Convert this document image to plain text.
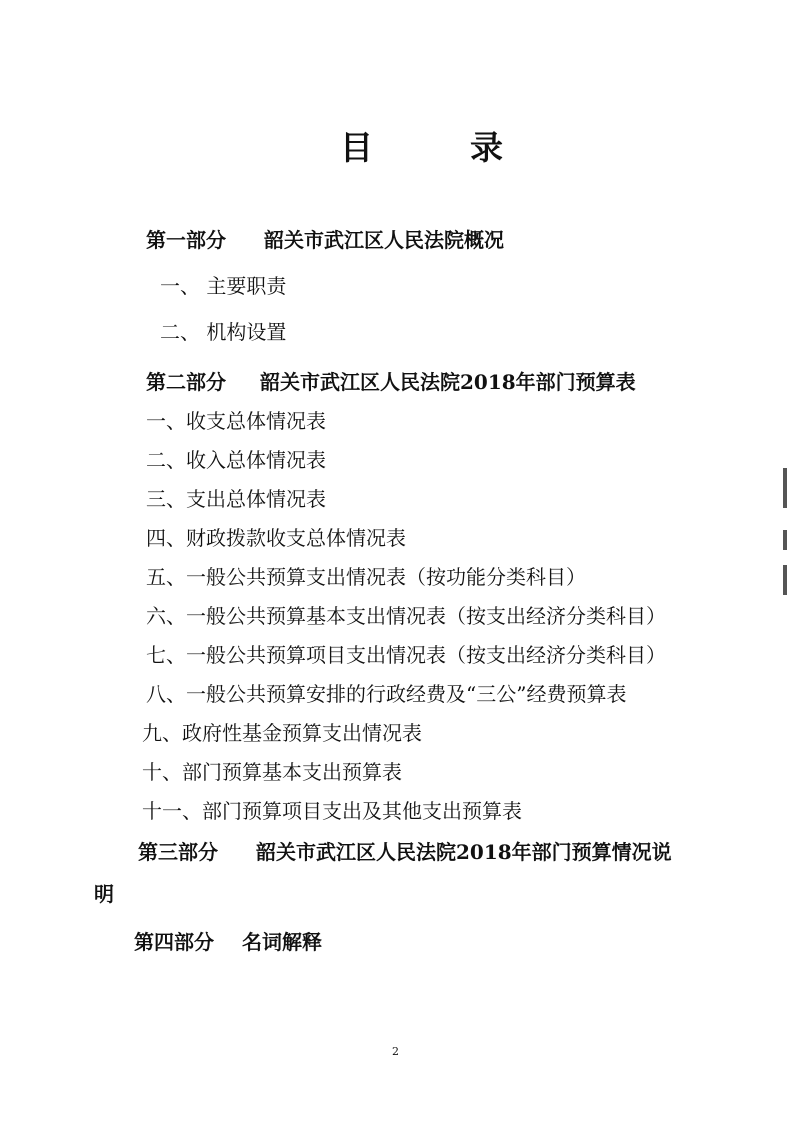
目	录
第一部分 韶关市武江区人民法院概况
一、 主要职责
二、 机构设置
第二部分 韶关市武江区人民法院2018年部门预算表
一、收支总体情况表
二、收入总体情况表
三、支出总体情况表
四、财政拨款收支总体情况表
五、一般公共预算支出情况表（按功能分类科目）
六、一般公共预算基本支出情况表（按支出经济分类科目）
七、一般公共预算项目支出情况表（按支出经济分类科目）
八、一般公共预算安排的行政经费及“三公”经费预算表
九、政府性基金预算支出情况表
十、部门预算基本支出预算表
十一、部门预算项目支出及其他支出预算表
第三部分 韶关市武江区人民法院2018年部门预算情况说
明
第四部分 名词解释
2
